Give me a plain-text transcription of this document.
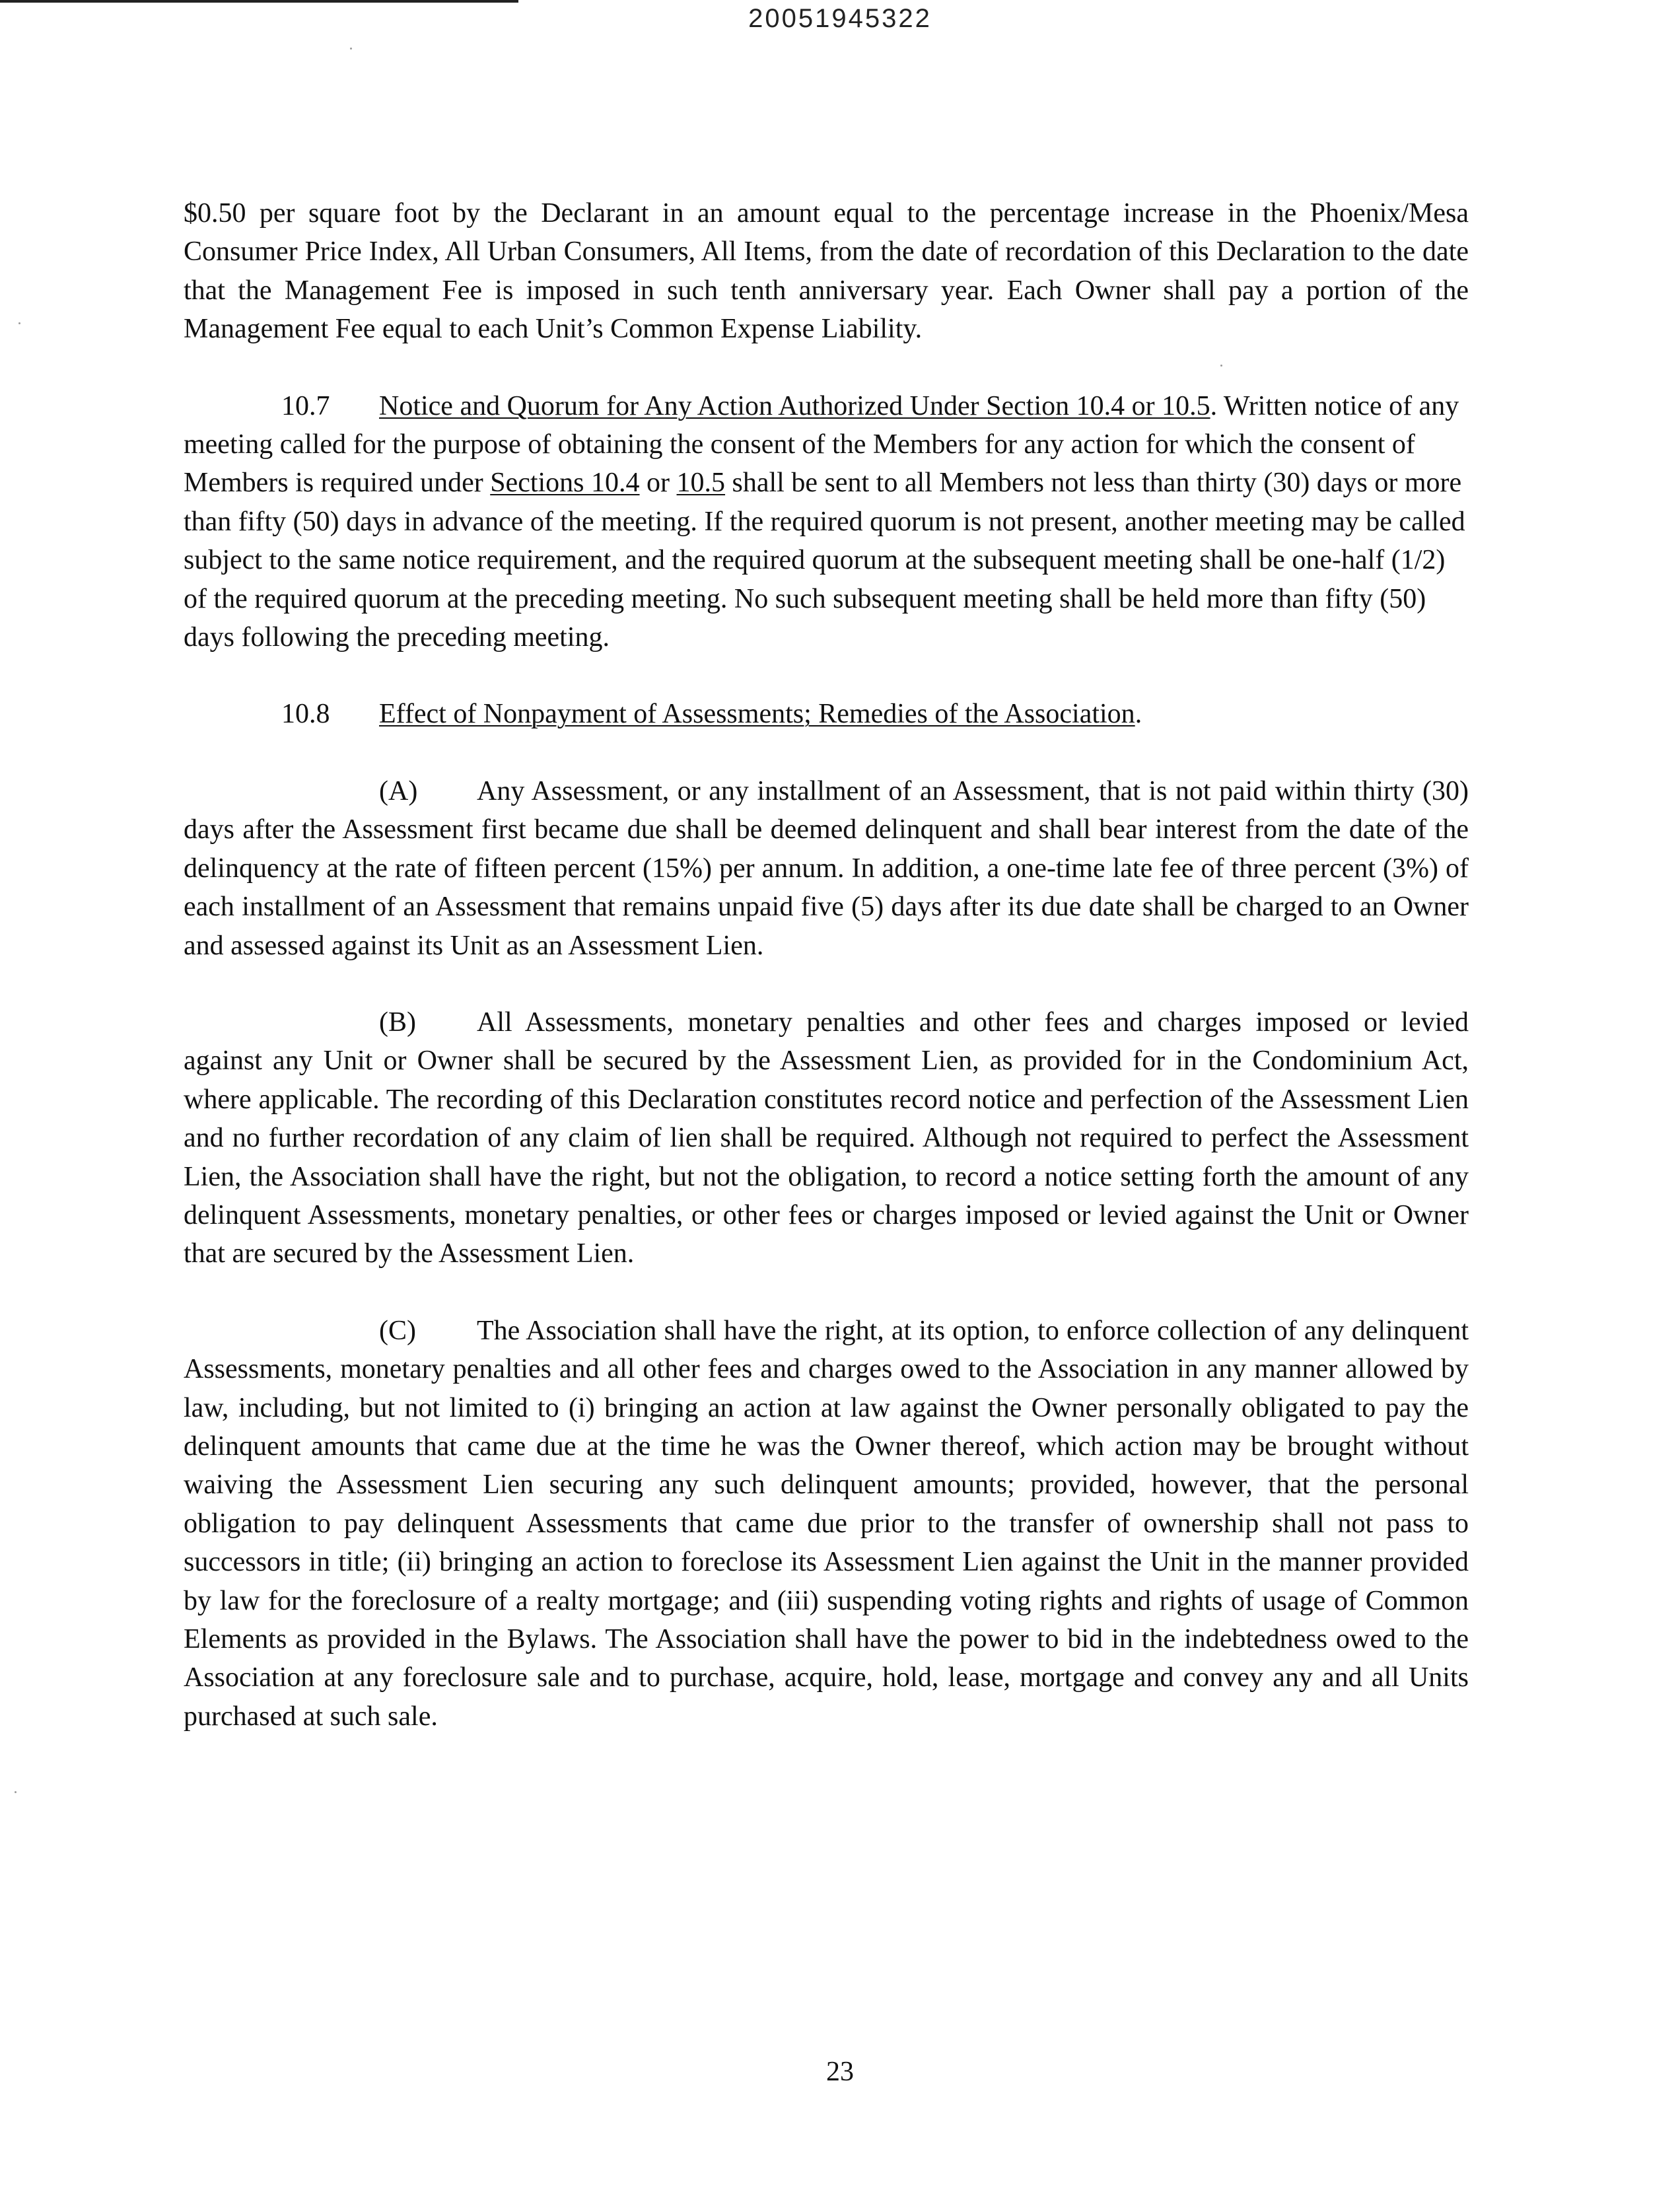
20051945322

$0.50 per square foot by the Declarant in an amount equal to the percentage increase in the Phoenix/Mesa Consumer Price Index, All Urban Consumers, All Items, from the date of recordation of this Declaration to the date that the Management Fee is imposed in such tenth anniversary year. Each Owner shall pay a portion of the Management Fee equal to each Unit’s Common Expense Liability.

10.7 Notice and Quorum for Any Action Authorized Under Section 10.4 or 10.5. Written notice of any meeting called for the purpose of obtaining the consent of the Members for any action for which the consent of Members is required under Sections 10.4 or 10.5 shall be sent to all Members not less than thirty (30) days or more than fifty (50) days in advance of the meeting. If the required quorum is not present, another meeting may be called subject to the same notice requirement, and the required quorum at the subsequent meeting shall be one-half (1/2) of the required quorum at the preceding meeting. No such subsequent meeting shall be held more than fifty (50) days following the preceding meeting.

10.8 Effect of Nonpayment of Assessments; Remedies of the Association.

(A) Any Assessment, or any installment of an Assessment, that is not paid within thirty (30) days after the Assessment first became due shall be deemed delinquent and shall bear interest from the date of the delinquency at the rate of fifteen percent (15%) per annum. In addition, a one-time late fee of three percent (3%) of each installment of an Assessment that remains unpaid five (5) days after its due date shall be charged to an Owner and assessed against its Unit as an Assessment Lien.

(B) All Assessments, monetary penalties and other fees and charges imposed or levied against any Unit or Owner shall be secured by the Assessment Lien, as provided for in the Condominium Act, where applicable. The recording of this Declaration constitutes record notice and perfection of the Assessment Lien and no further recordation of any claim of lien shall be required. Although not required to perfect the Assessment Lien, the Association shall have the right, but not the obligation, to record a notice setting forth the amount of any delinquent Assessments, monetary penalties, or other fees or charges imposed or levied against the Unit or Owner that are secured by the Assessment Lien.

(C) The Association shall have the right, at its option, to enforce collection of any delinquent Assessments, monetary penalties and all other fees and charges owed to the Association in any manner allowed by law, including, but not limited to (i) bringing an action at law against the Owner personally obligated to pay the delinquent amounts that came due at the time he was the Owner thereof, which action may be brought without waiving the Assessment Lien securing any such delinquent amounts; provided, however, that the personal obligation to pay delinquent Assessments that came due prior to the transfer of ownership shall not pass to successors in title; (ii) bringing an action to foreclose its Assessment Lien against the Unit in the manner provided by law for the foreclosure of a realty mortgage; and (iii) suspending voting rights and rights of usage of Common Elements as provided in the Bylaws. The Association shall have the power to bid in the indebtedness owed to the Association at any foreclosure sale and to purchase, acquire, hold, lease, mortgage and convey any and all Units purchased at such sale.

23
